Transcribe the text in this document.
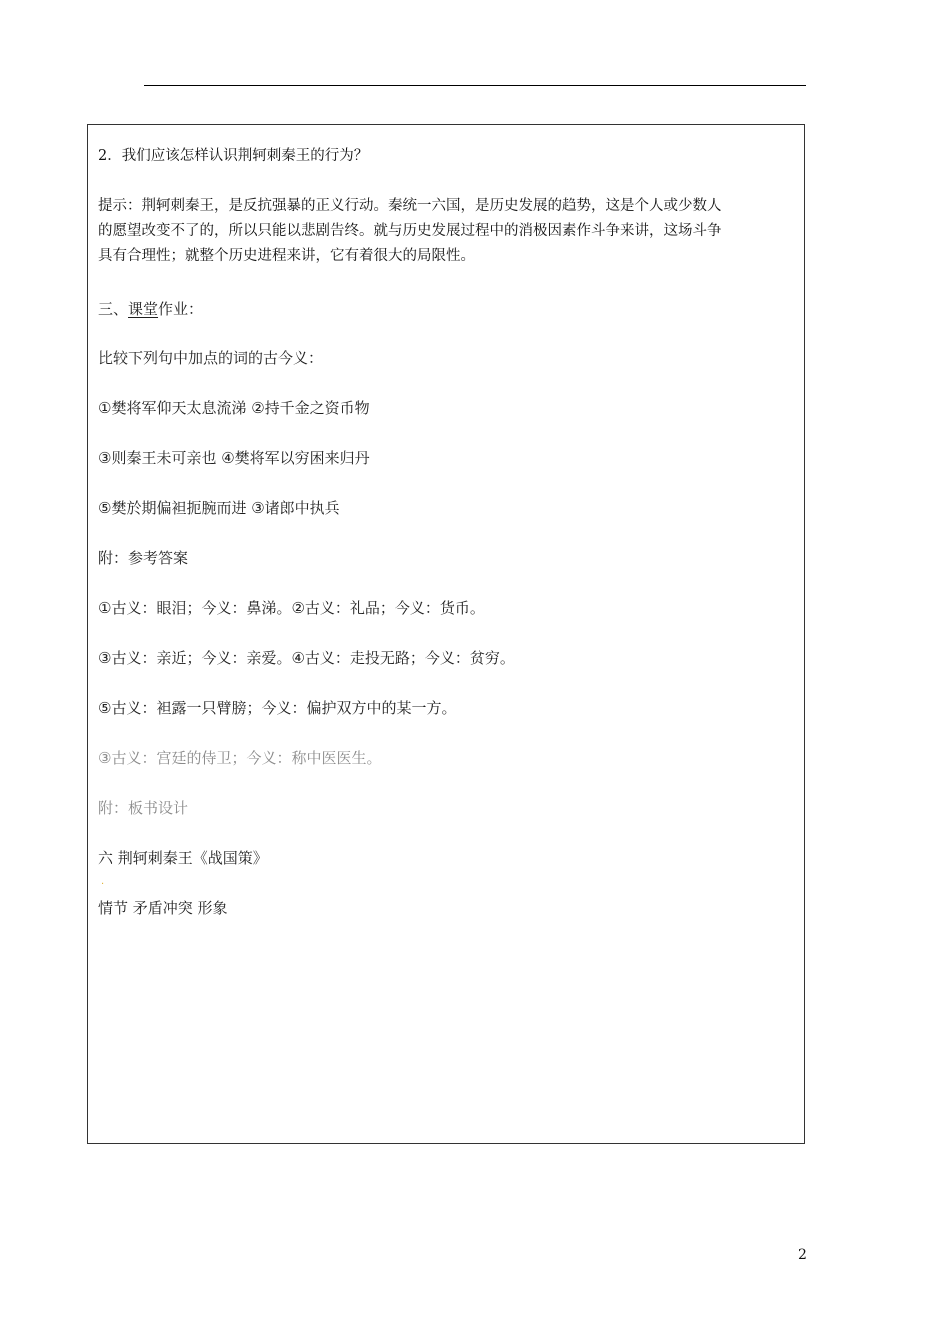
2．我们应该怎样认识荆轲刺秦王的行为？
提示：荆轲刺秦王，是反抗强暴的正义行动。秦统一六国，是历史发展的趋势，这是个人或少数人
的愿望改变不了的，所以只能以悲剧告终。就与历史发展过程中的消极因素作斗争来讲，这场斗争
具有合理性；就整个历史进程来讲，它有着很大的局限性。
三、课堂作业：
比较下列句中加点的词的古今义：
①樊将军仰天太息流涕 ②持千金之资币物
③则秦王未可亲也 ④樊将军以穷困来归丹
⑤樊於期偏袒扼腕而进 ③诸郎中执兵
附：参考答案
①古义：眼泪；今义：鼻涕。②古义：礼品；今义：货币。
③古义：亲近；今义：亲爱。④古义：走投无路；今义：贫穷。
⑤古义：袒露一只臂膀；今义：偏护双方中的某一方。
③古义：宫廷的侍卫；今义：称中医医生。
附：板书设计
六 荆轲刺秦王《战国策》
·
情节 矛盾冲突 形象
2
